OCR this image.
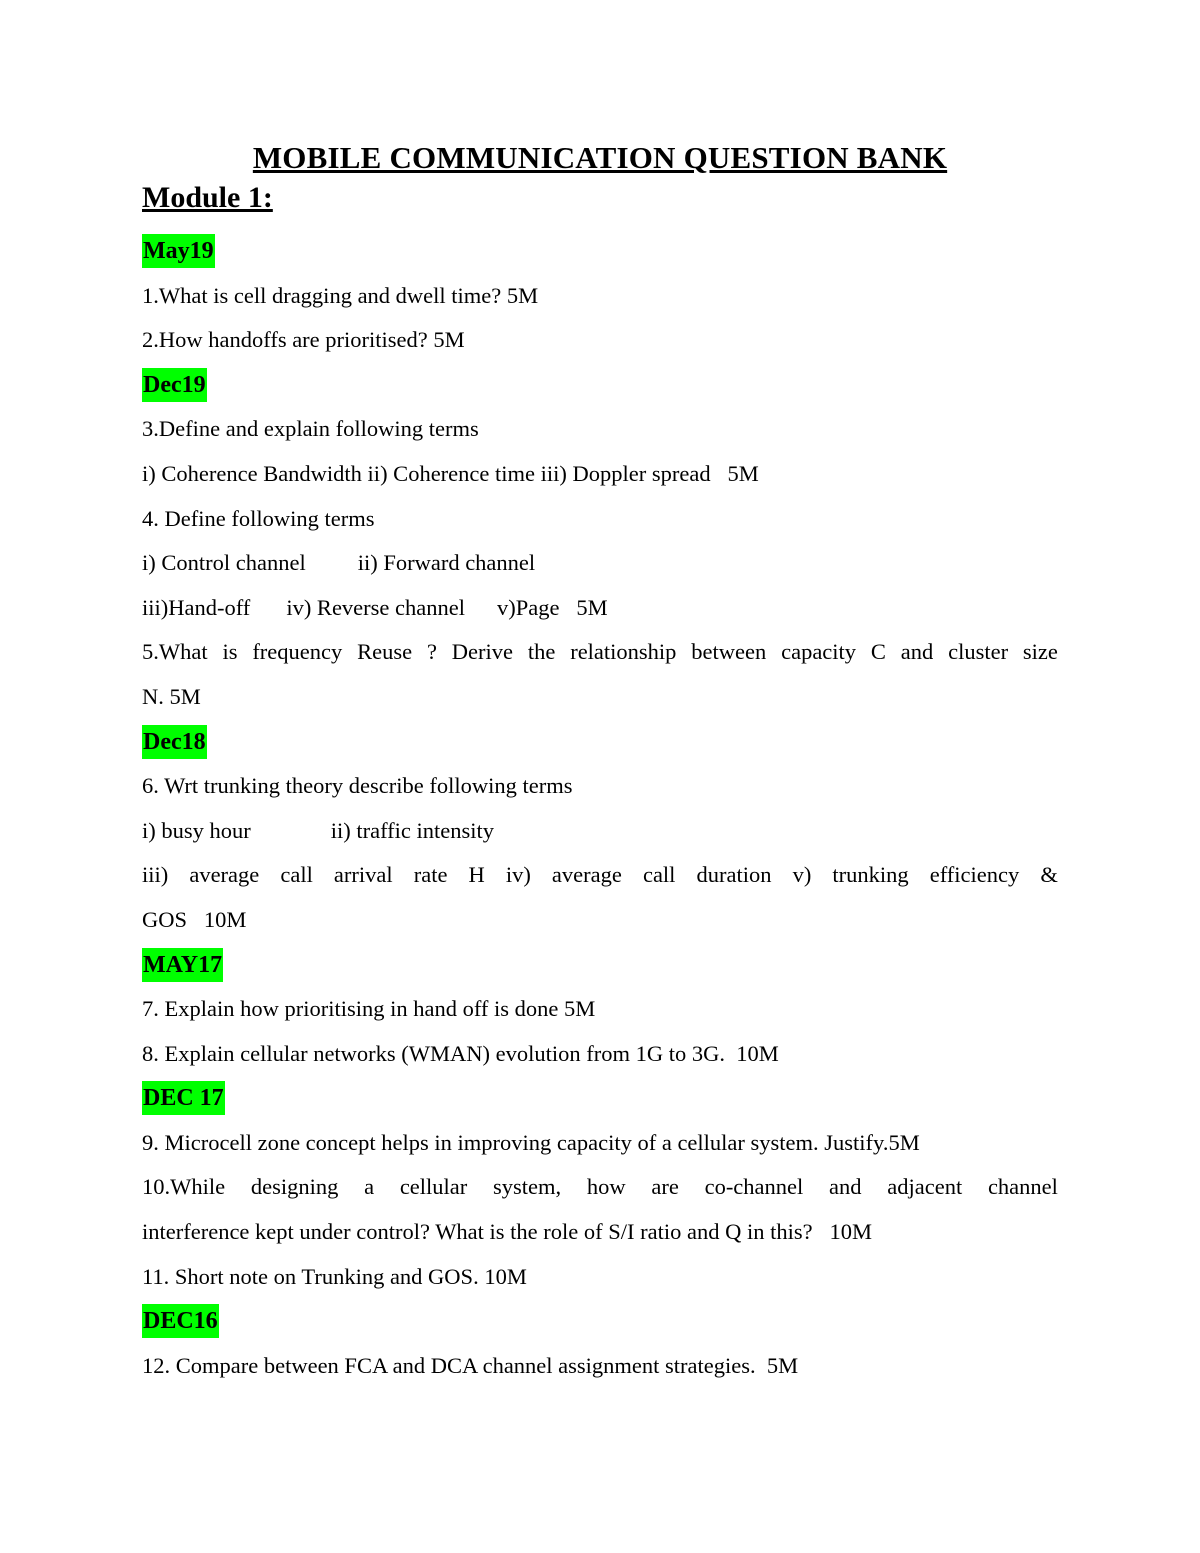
MOBILE COMMUNICATION QUESTION BANK
Module 1:
May19
1.What is cell dragging and dwell time? 5M
2.How handoffs are prioritised? 5M
Dec19
3.Define and explain following terms
i) Coherence Bandwidth ii) Coherence time iii) Doppler spread   5M
4. Define following terms
i) Control channel ii) Forward channel
iii)Hand-off iv) Reverse channel v)Page   5M
5.What is frequency Reuse ? Derive the relationship between capacity C and cluster size
N. 5M
Dec18
6. Wrt trunking theory describe following terms
i) busy hour	ii) traffic intensity
iii) average call arrival rate H iv) average call duration v) trunking efficiency &
GOS   10M
MAY17
7. Explain how prioritising in hand off is done 5M
8. Explain cellular networks (WMAN) evolution from 1G to 3G.  10M
DEC 17
9. Microcell zone concept helps in improving capacity of a cellular system. Justify.5M
10.While designing a cellular system, how are co-channel and adjacent channel
interference kept under control? What is the role of S/I ratio and Q in this?   10M
11. Short note on Trunking and GOS. 10M
DEC16
12. Compare between FCA and DCA channel assignment strategies.  5M
